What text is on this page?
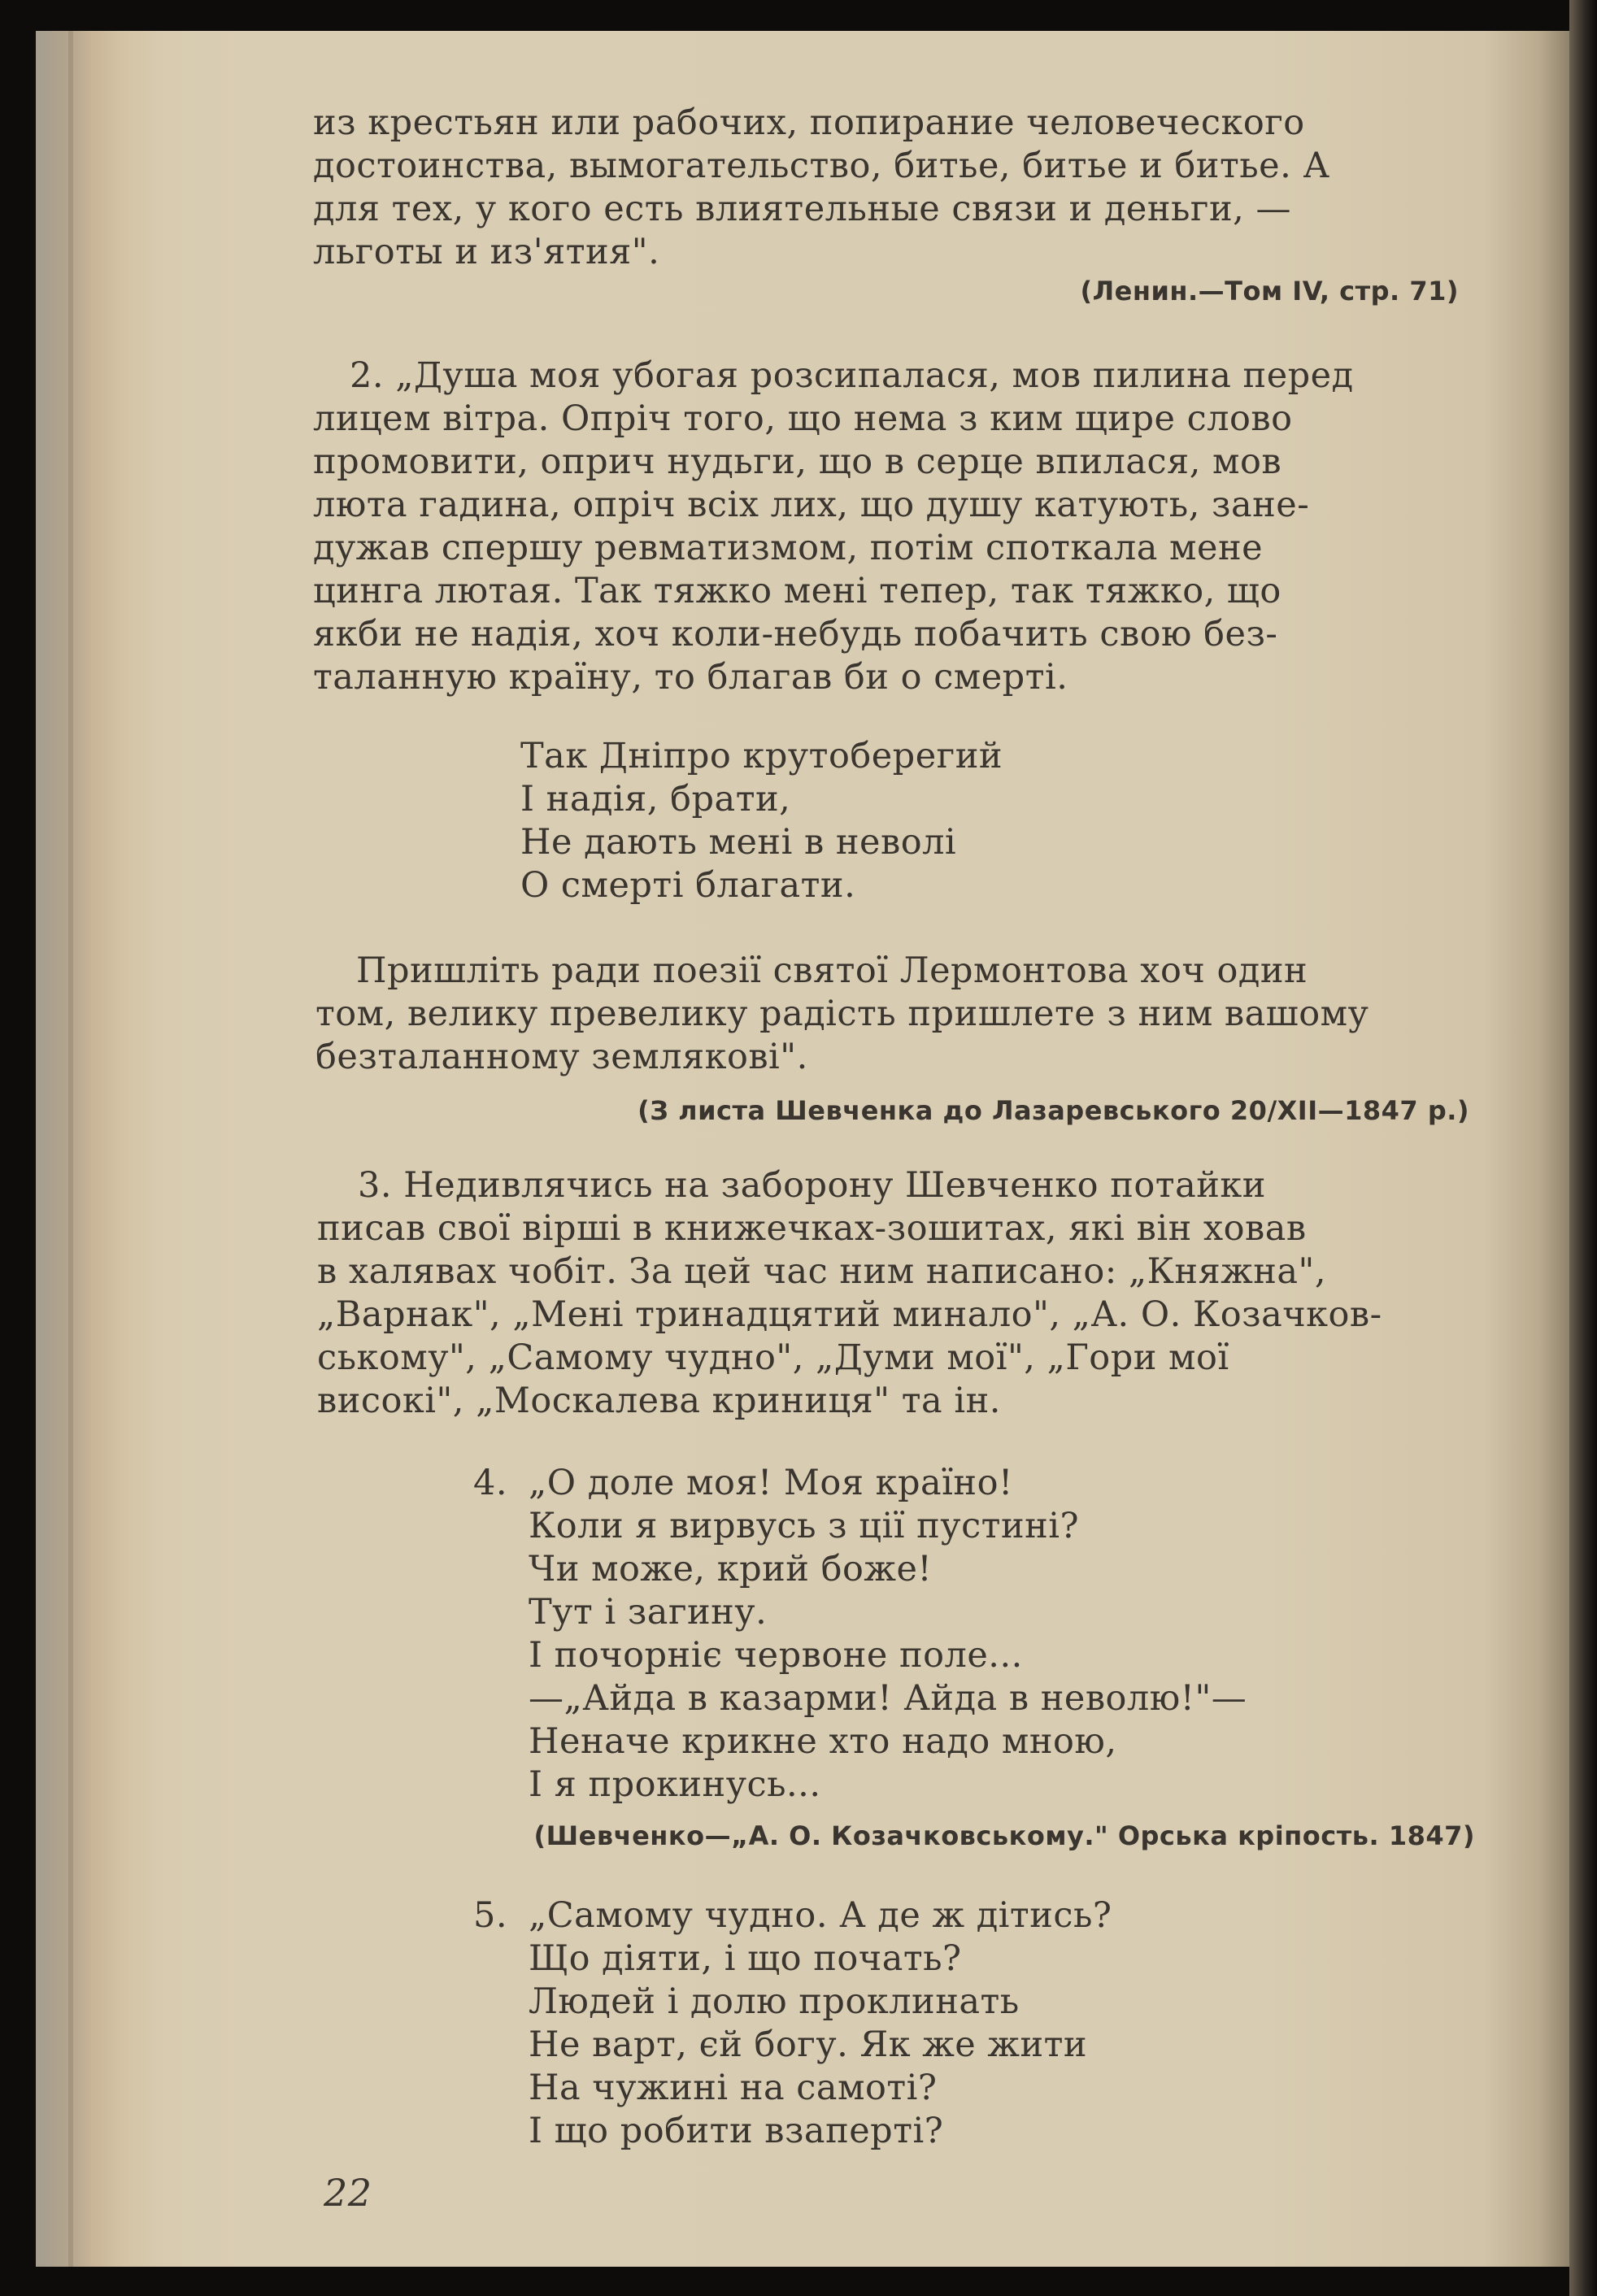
из крестьян или рабочих, попирание человеческого
достоинства, вымогательство, битье, битье и битье. А
для тех, у кого есть влиятельные связи и деньги, —
льготы и из'ятия".
(Ленин.—Том IV, стр. 71)
2. „Душа моя убогая розсипалася, мов пилина перед
лицем вітра. Опріч того, що нема з ким щире слово
промовити, оприч нудьги, що в серце впилася, мов
люта гадина, опріч всіх лих, що душу катують, зане-
дужав спершу ревматизмом, потім споткала мене
цинга лютая. Так тяжко мені тепер, так тяжко, що
якби не надія, хоч коли-небудь побачить свою без-
таланную країну, то благав би о смерті.
Так Дніпро крутоберегий
І надія, брати,
Не дають мені в неволі
О смерті благати.
Пришліть ради поезії святої Лермонтова хоч один
том, велику превелику радість пришлете з ним вашому
безталанному землякові".
(З листа Шевченка до Лазаревського 20/XII—1847 р.)
3. Недивлячись на заборону Шевченко потайки
писав свої вірші в книжечках-зошитах, які він ховав
в халявах чобіт. За цей час ним написано: „Княжна",
„Варнак", „Мені тринадцятий минало", „А. О. Козачков-
ському", „Самому чудно", „Думи мої", „Гори мої
високі", „Москалева криниця" та ін.
4. „О доле моя! Моя країно!
Коли я вирвусь з ції пустині?
Чи може, крий боже!
Тут і загину.
І почорніє червоне поле...
—„Айда в казарми! Айда в неволю!"—
Неначе крикне хто надо мною,
І я прокинусь...
(Шевченко—„А. О. Козачковському." Орська кріпость. 1847)
5. „Самому чудно. А де ж дітись?
Що діяти, і що почать?
Людей і долю проклинать
Не варт, єй богу. Як же жити
На чужині на самоті?
І що робити взаперті?
22
